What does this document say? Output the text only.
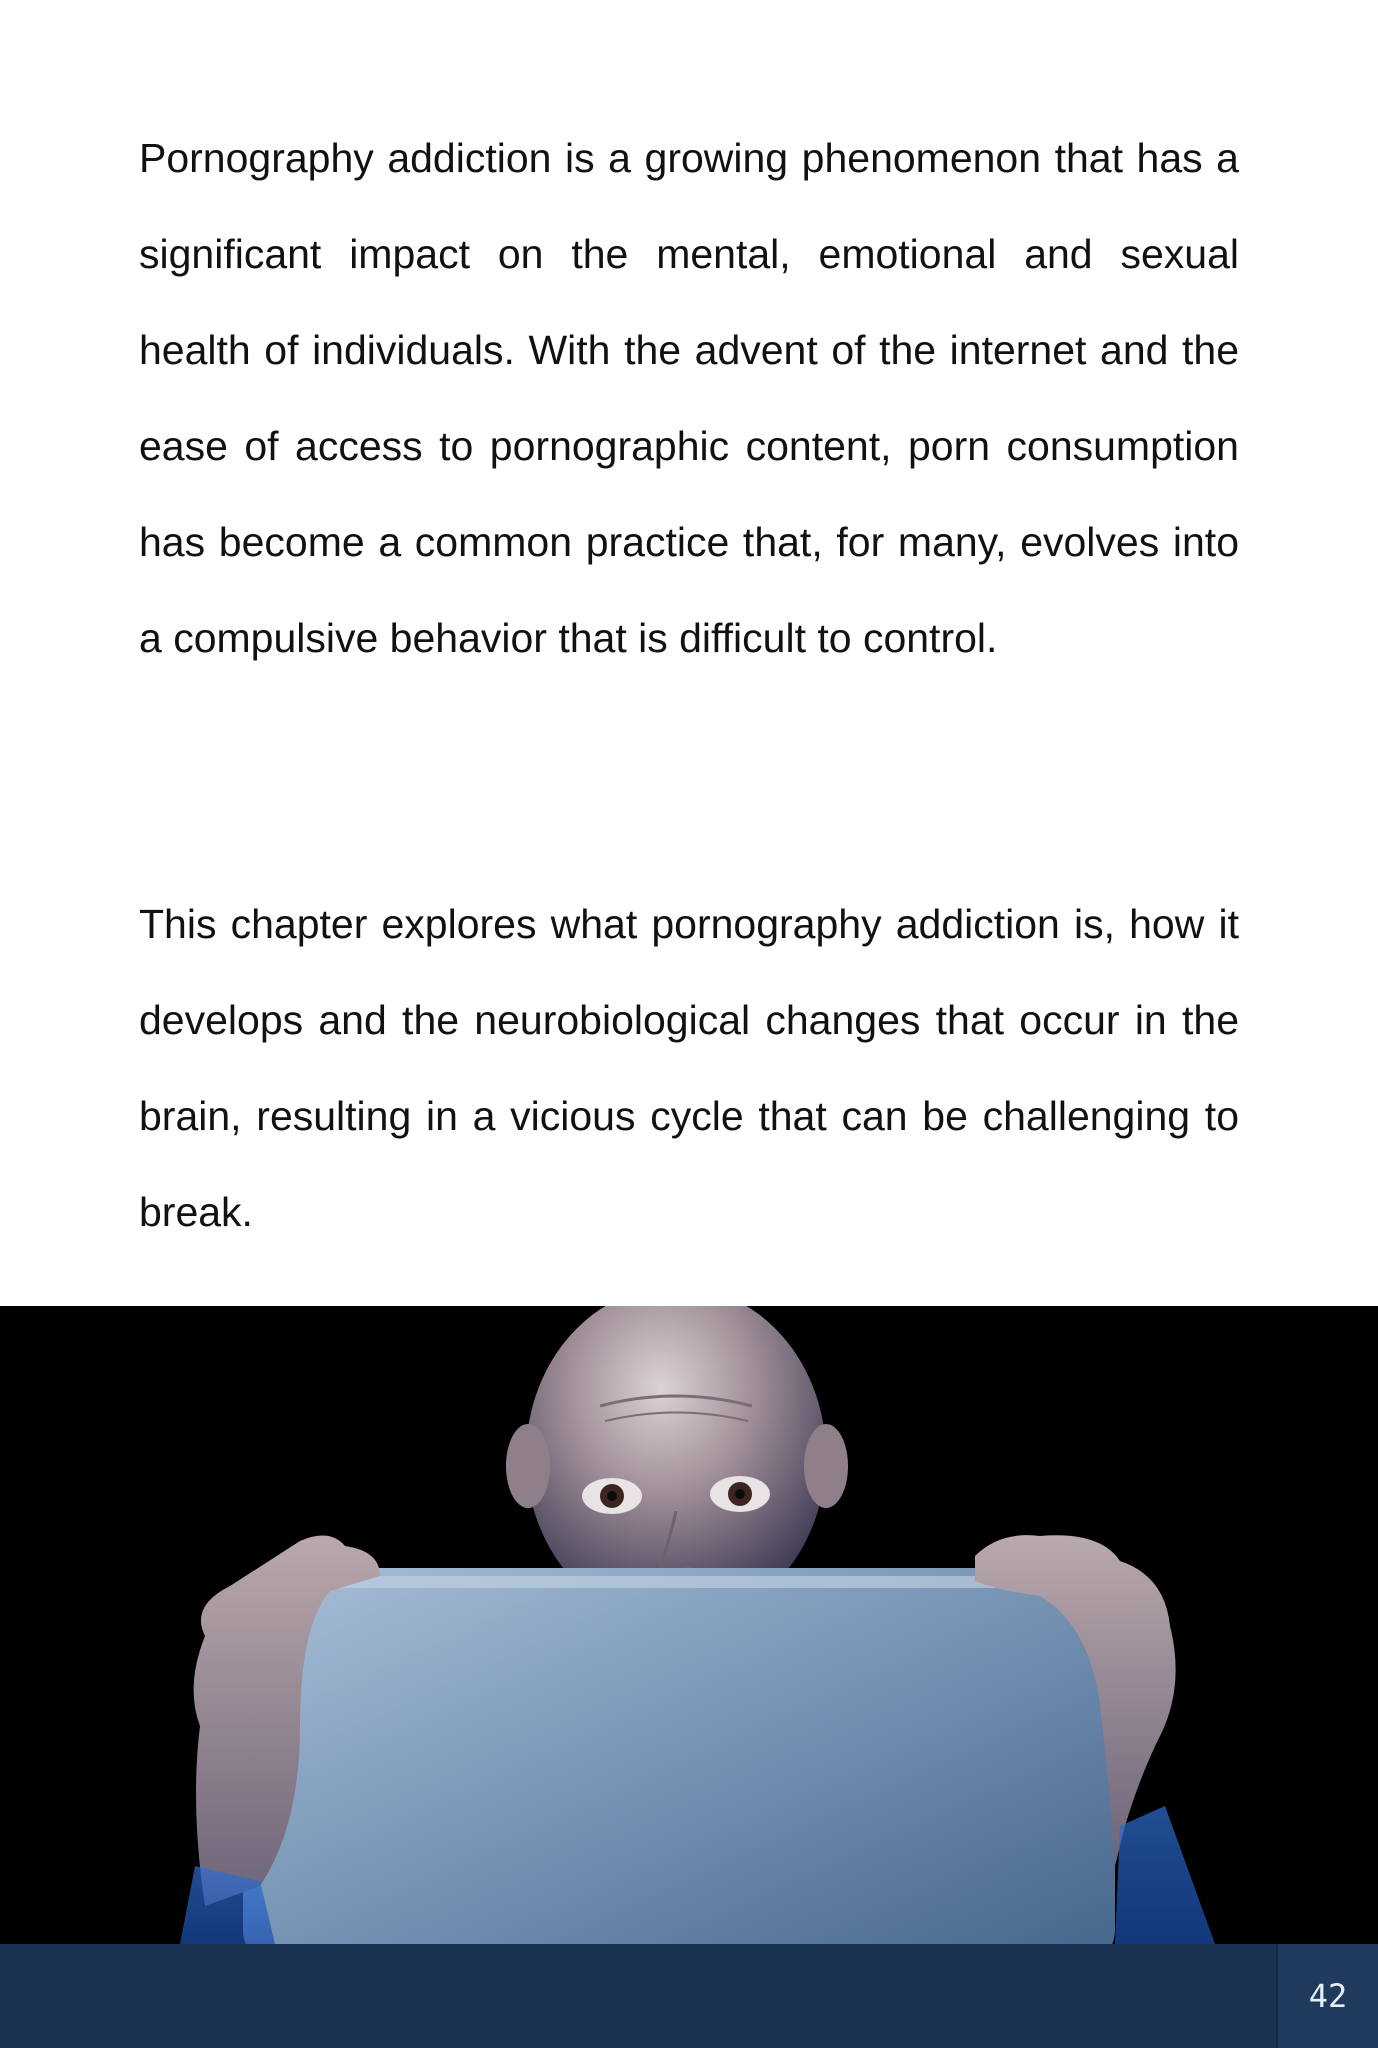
Pornography addiction is a growing phenomenon that has a significant impact on the mental, emotional and sexual health of individuals. With the advent of the internet and the ease of access to pornographic content, porn consumption has become a common practice that, for many, evolves into a compulsive behavior that is difficult to control.

This chapter explores what pornography addiction is, how it develops and the neurobiological changes that occur in the brain, resulting in a vicious cycle that can be challenging to break.

42
